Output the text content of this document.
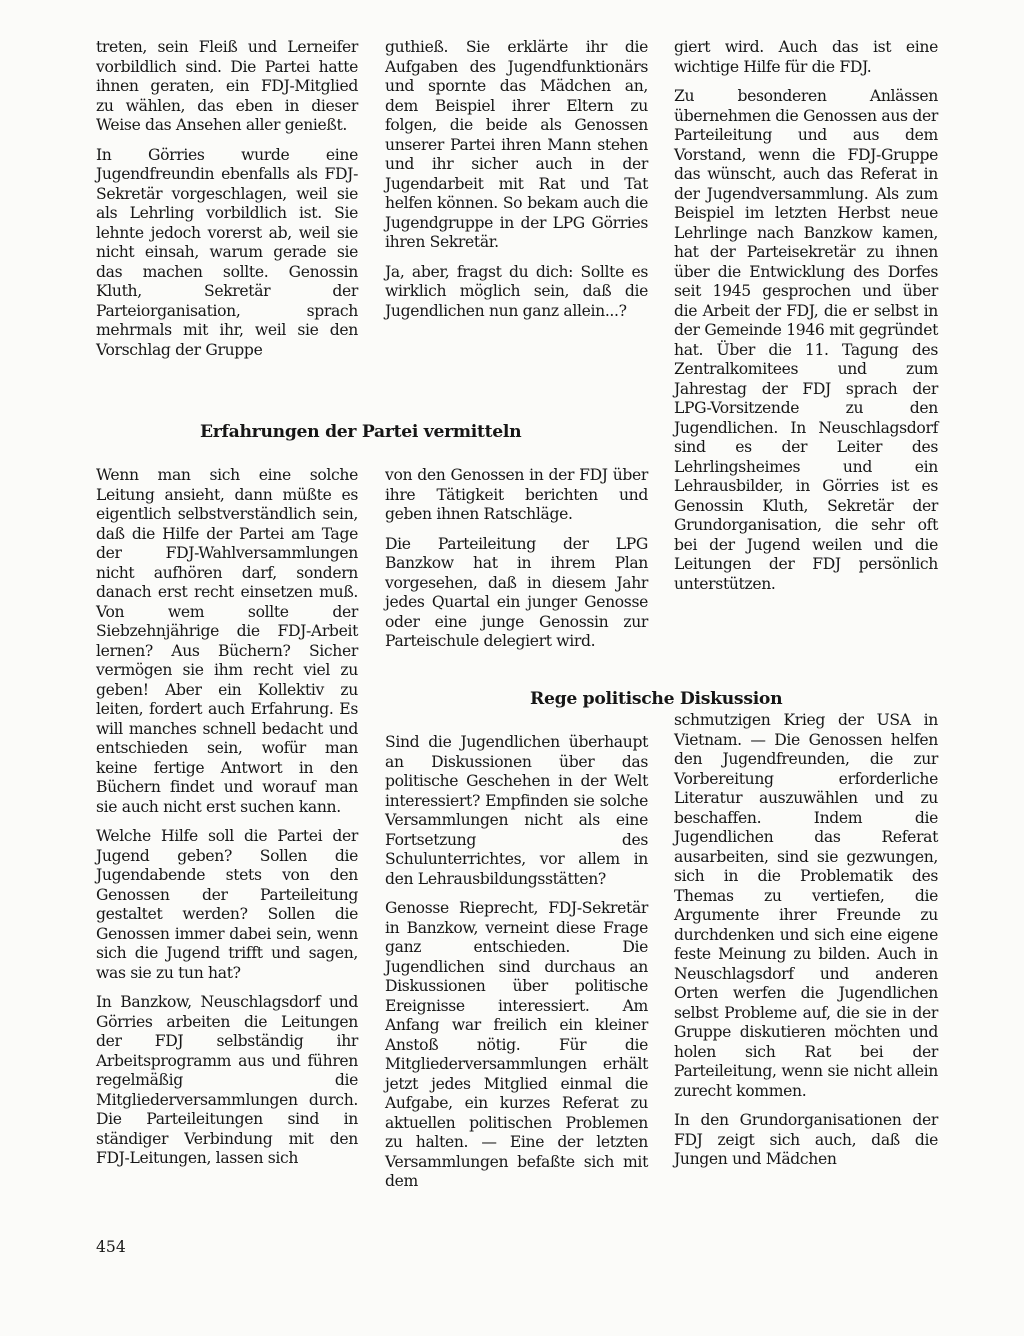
treten, sein Fleiß und Lerneifer vorbildlich sind. Die Partei hatte ihnen geraten, ein FDJ-Mitglied zu wählen, das eben in dieser Weise das Ansehen aller genießt.

In Görries wurde eine Jugendfreundin ebenfalls als FDJ-Sekretär vorgeschlagen, weil sie als Lehrling vorbildlich ist. Sie lehnte jedoch vorerst ab, weil sie nicht einsah, warum gerade sie das machen sollte. Genossin Kluth, Sekretär der Parteiorganisation, sprach mehrmals mit ihr, weil sie den Vorschlag der Gruppe

guthieß. Sie erklärte ihr die Aufgaben des Jugendfunktionärs und spornte das Mädchen an, dem Beispiel ihrer Eltern zu folgen, die beide als Genossen unserer Partei ihren Mann stehen und ihr sicher auch in der Jugendarbeit mit Rat und Tat helfen können. So bekam auch die Jugendgruppe in der LPG Görries ihren Sekretär.

Ja, aber, fragst du dich: Sollte es wirklich möglich sein, daß die Jugendlichen nun ganz allein...?

giert wird. Auch das ist eine wichtige Hilfe für die FDJ.

Zu besonderen Anlässen übernehmen die Genossen aus der Parteileitung und aus dem Vorstand, wenn die FDJ-Gruppe das wünscht, auch das Referat in der Jugendversammlung. Als zum Beispiel im letzten Herbst neue Lehrlinge nach Banzkow kamen, hat der Parteisekretär zu ihnen über die Entwicklung des Dorfes seit 1945 gesprochen und über die Arbeit der FDJ, die er selbst in der Gemeinde 1946 mit gegründet hat. Über die 11. Tagung des Zentralkomitees und zum Jahrestag der FDJ sprach der LPG-Vorsitzende zu den Jugendlichen. In Neuschlagsdorf sind es der Leiter des Lehrlingsheimes und ein Lehrausbilder, in Görries ist es Genossin Kluth, Sekretär der Grundorganisation, die sehr oft bei der Jugend weilen und die Leitungen der FDJ persönlich unterstützen.

Erfahrungen der Partei vermitteln

Wenn man sich eine solche Leitung ansieht, dann müßte es eigentlich selbstverständlich sein, daß die Hilfe der Partei am Tage der FDJ-Wahlversammlungen nicht aufhören darf, sondern danach erst recht einsetzen muß. Von wem sollte der Siebzehnjährige die FDJ-Arbeit lernen? Aus Büchern? Sicher vermögen sie ihm recht viel zu geben! Aber ein Kollektiv zu leiten, fordert auch Erfahrung. Es will manches schnell bedacht und entschieden sein, wofür man keine fertige Antwort in den Büchern findet und worauf man sie auch nicht erst suchen kann.

Welche Hilfe soll die Partei der Jugend geben? Sollen die Jugendabende stets von den Genossen der Parteileitung gestaltet werden? Sollen die Genossen immer dabei sein, wenn sich die Jugend trifft und sagen, was sie zu tun hat?

In Banzkow, Neuschlagsdorf und Görries arbeiten die Leitungen der FDJ selbständig ihr Arbeitsprogramm aus und führen regelmäßig die Mitgliederversammlungen durch. Die Parteileitungen sind in ständiger Verbindung mit den FDJ-Leitungen, lassen sich

von den Genossen in der FDJ über ihre Tätigkeit berichten und geben ihnen Ratschläge.

Die Parteileitung der LPG Banzkow hat in ihrem Plan vorgesehen, daß in diesem Jahr jedes Quartal ein junger Genosse oder eine junge Genossin zur Parteischule delegiert wird.

Rege politische Diskussion

Sind die Jugendlichen überhaupt an Diskussionen über das politische Geschehen in der Welt interessiert? Empfinden sie solche Versammlungen nicht als eine Fortsetzung des Schulunterrichtes, vor allem in den Lehrausbildungsstätten?

Genosse Rieprecht, FDJ-Sekretär in Banzkow, verneint diese Frage ganz entschieden. Die Jugendlichen sind durchaus an Diskussionen über politische Ereignisse interessiert. Am Anfang war freilich ein kleiner Anstoß nötig. Für die Mitgliederversammlungen erhält jetzt jedes Mitglied einmal die Aufgabe, ein kurzes Referat zu aktuellen politischen Problemen zu halten. — Eine der letzten Versammlungen befaßte sich mit dem

schmutzigen Krieg der USA in Vietnam. — Die Genossen helfen den Jugendfreunden, die zur Vorbereitung erforderliche Literatur auszuwählen und zu beschaffen. Indem die Jugendlichen das Referat ausarbeiten, sind sie gezwungen, sich in die Problematik des Themas zu vertiefen, die Argumente ihrer Freunde zu durchdenken und sich eine eigene feste Meinung zu bilden. Auch in Neuschlagsdorf und anderen Orten werfen die Jugendlichen selbst Probleme auf, die sie in der Gruppe diskutieren möchten und holen sich Rat bei der Parteileitung, wenn sie nicht allein zurecht kommen.

In den Grundorganisationen der FDJ zeigt sich auch, daß die Jungen und Mädchen

454
